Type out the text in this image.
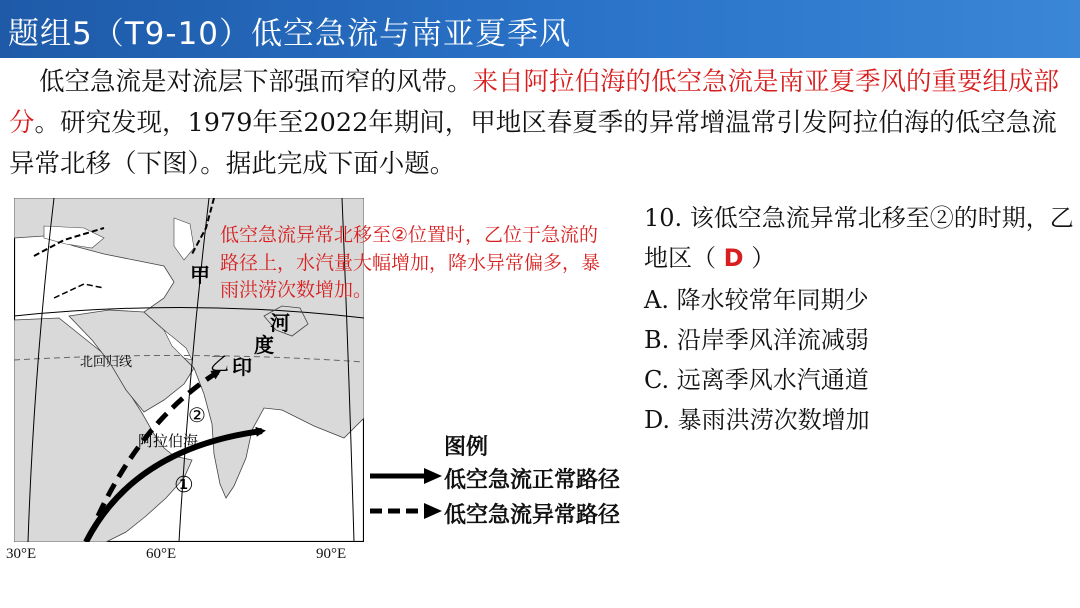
题组5（T9-10）低空急流与南亚夏季风
低空急流是对流层下部强而窄的风带。来自阿拉伯海的低空急流是南亚夏季风的重要组成部分。研究发现，1979年至2022年期间，甲地区春夏季的异常增温常引发阿拉伯海的低空急流异常北移（下图）。据此完成下面小题。
甲
乙 印
度
河
北回归线
阿拉伯海
①
②
30°E	60°E	90°E
低空急流异常北移至②位置时，乙位于急流的路径上，水汽量大幅增加，降水异常偏多，暴雨洪涝次数增加。
图例
低空急流正常路径
低空急流异常路径
10. 该低空急流异常北移至②的时期，乙地区（ D ）
A. 降水较常年同期少
B. 沿岸季风洋流减弱
C. 远离季风水汽通道
D. 暴雨洪涝次数增加
